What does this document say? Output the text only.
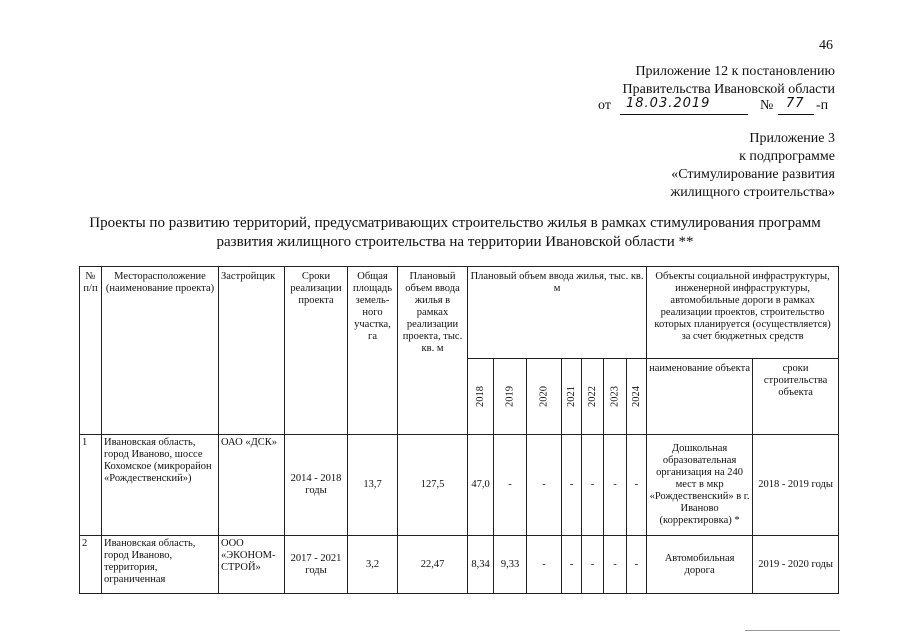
46
Приложение 12 к постановлению
Правительства Ивановской области
от 18.03.2019	№ 77 -п
Приложение 3
к подпрограмме
«Стимулирование развития
жилищного строительства»
Проекты по развитию территорий, предусматривающих строительство жилья в рамках стимулирования программ
развития жилищного строительства на территории Ивановской области **
№ п/п	Месторасположение (наименование проекта)	Застройщик	Сроки реализации проекта	Общая площадь земель-ного участка, га	Плановый объем ввода жилья в рамках реализации проекта, тыс. кв. м	Плановый объем ввода жилья, тыс. кв. м							Объекты социальной инфраструктуры, инженерной инфраструктуры, автомобильные дороги в рамках реализации проектов, строительство которых планируется (осуществляется) за счет бюджетных средств	
						2018	2019	2020	2021	2022	2023	2024	наименование объекта	сроки строительства объекта
1	Ивановская область, город Иваново, шоссе Кохомское (микрорайон «Рождественский»)	ОАО «ДСК»	2014 - 2018 годы	13,7	127,5	47,0	-	-	-	-	-	-	Дошкольная образовательная организация на 240 мест в мкр «Рождественский» в г. Иваново (корректировка) *	2018 - 2019 годы
2	Ивановская область, город Иваново, территория, ограниченная	ООО «ЭКОНОМ-СТРОЙ»	2017 - 2021 годы	3,2	22,47	8,34	9,33	-	-	-	-	-	Автомобильная дорога	2019 - 2020 годы
